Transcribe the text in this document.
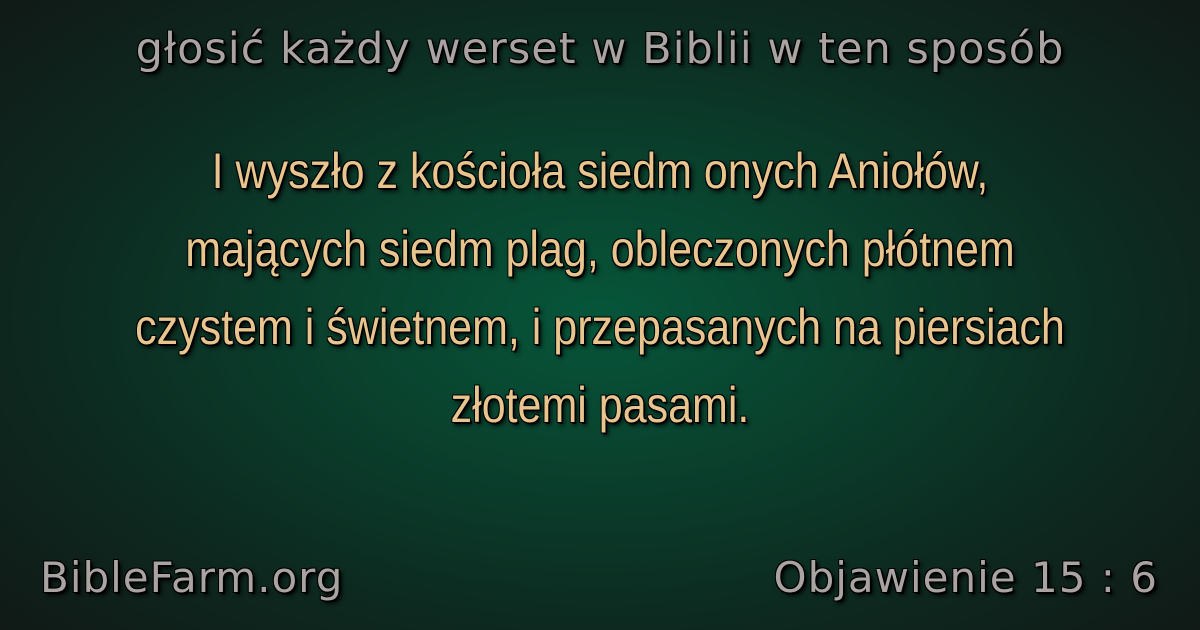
głosić każdy werset w Biblii w ten sposób
I wyszło z kościoła siedm onych Aniołów, mających siedm plag, obleczonych płótnem czystem i świetnem, i przepasanych na piersiach złotemi pasami.
BibleFarm.org	Objawienie 15 : 6
